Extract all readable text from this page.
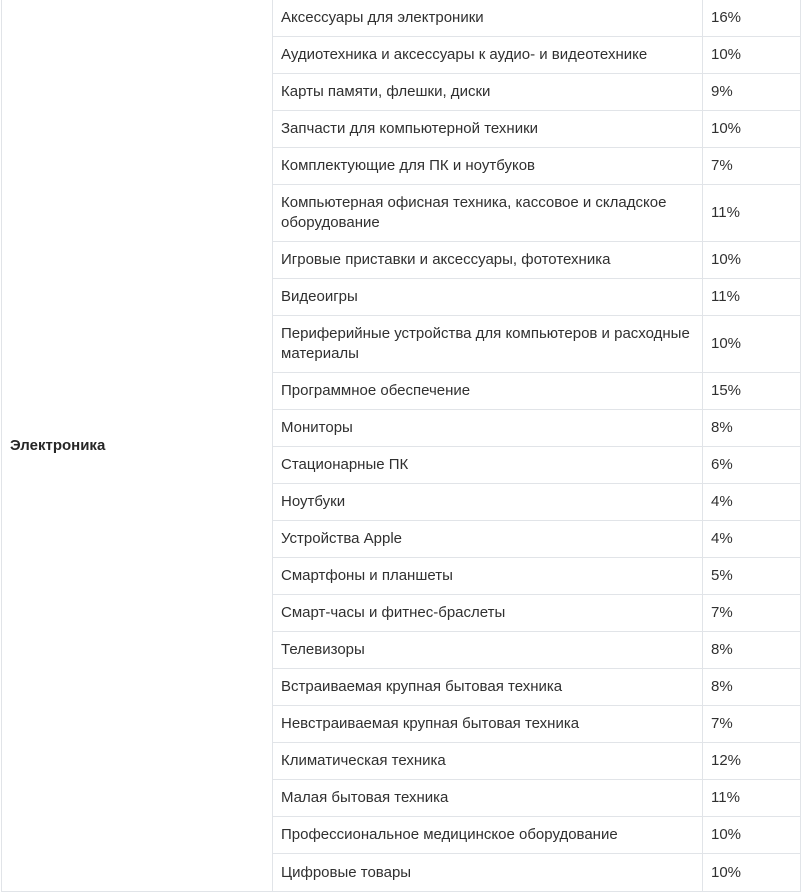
Электроника	Аксессуары для электроники	16%
	Аудиотехника и аксессуары к аудио- и видеотехнике	10%
	Карты памяти, флешки, диски	9%
	Запчасти для компьютерной техники	10%
	Комплектующие для ПК и ноутбуков	7%
	Компьютерная офисная техника, кассовое и складское оборудование	11%
	Игровые приставки и аксессуары, фототехника	10%
	Видеоигры	11%
	Периферийные устройства для компьютеров и расходные материалы	10%
	Программное обеспечение	15%
	Мониторы	8%
	Стационарные ПК	6%
	Ноутбуки	4%
	Устройства Apple	4%
	Смартфоны и планшеты	5%
	Смарт-часы и фитнес-браслеты	7%
	Телевизоры	8%
	Встраиваемая крупная бытовая техника	8%
	Невстраиваемая крупная бытовая техника	7%
	Климатическая техника	12%
	Малая бытовая техника	11%
	Профессиональное медицинское оборудование	10%
	Цифровые товары	10%
